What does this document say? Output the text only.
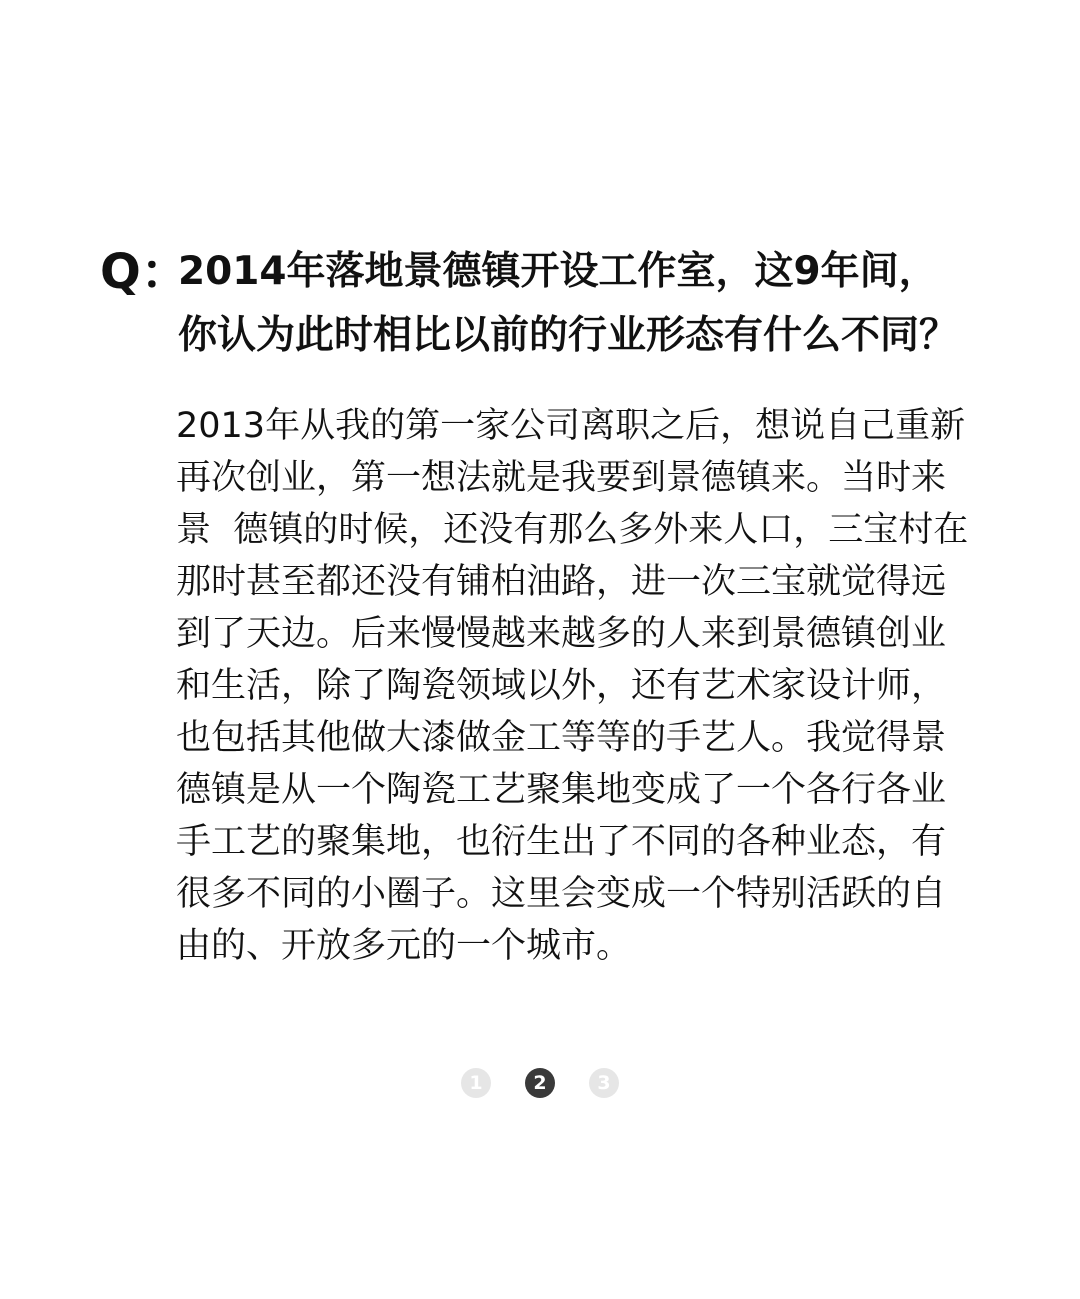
Q：
2014年落地景德镇开设工作室，这9年间，
你认为此时相比以前的行业形态有什么不同？
2013年从我的第一家公司离职之后，想说自己重新
再次创业，第一想法就是我要到景德镇来。当时来
景  德镇的时候，还没有那么多外来人口，三宝村在
那时甚至都还没有铺柏油路，进一次三宝就觉得远
到了天边。后来慢慢越来越多的人来到景德镇创业
和生活，除了陶瓷领域以外，还有艺术家设计师，
也包括其他做大漆做金工等等的手艺人。我觉得景
德镇是从一个陶瓷工艺聚集地变成了一个各行各业
手工艺的聚集地，也衍生出了不同的各种业态，有
很多不同的小圈子。这里会变成一个特别活跃的自
由的、开放多元的一个城市。
1	2	3
